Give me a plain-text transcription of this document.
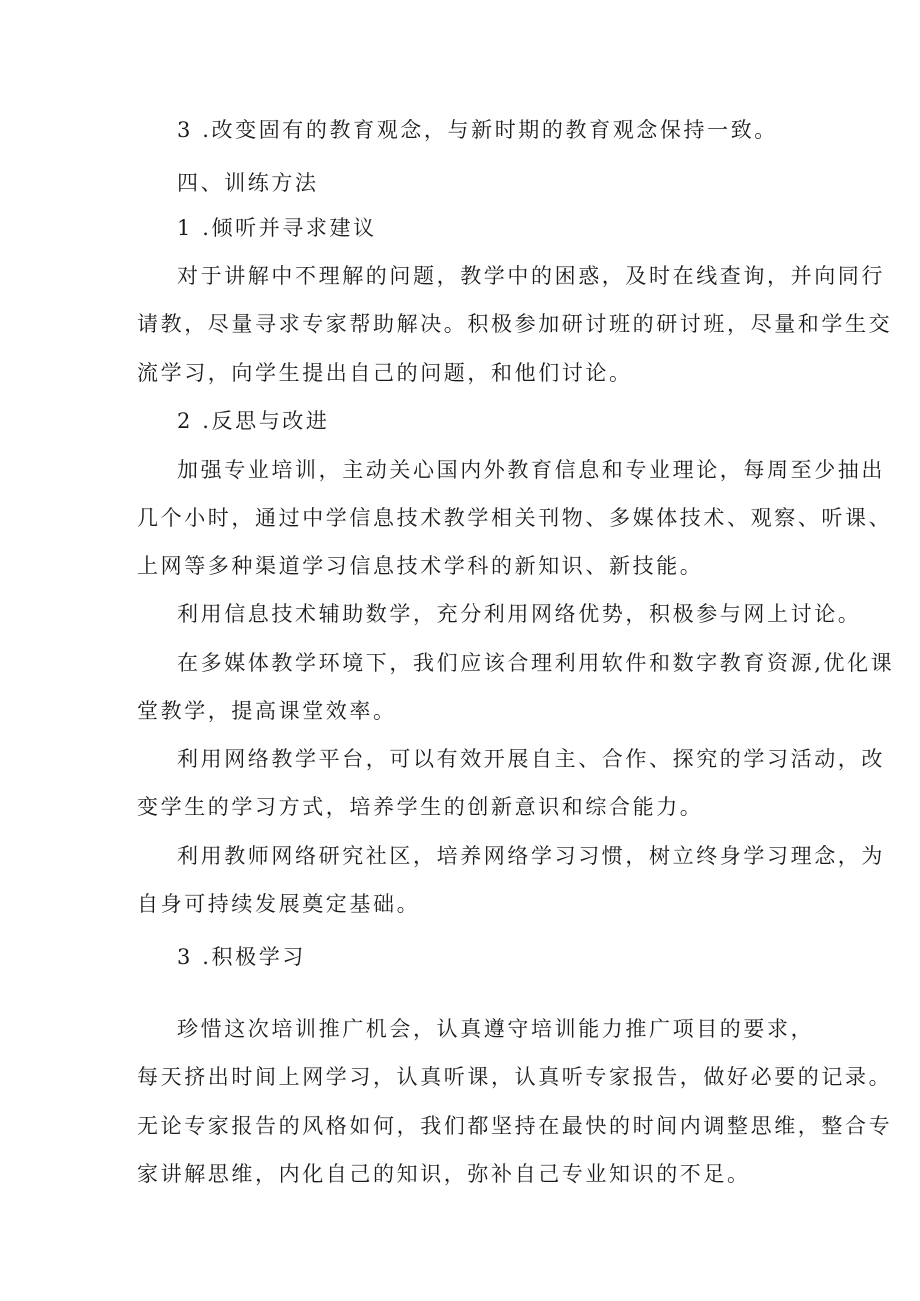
3 .改变固有的教育观念，与新时期的教育观念保持一致。
四、训练方法
1 .倾听并寻求建议
对于讲解中不理解的问题，教学中的困惑，及时在线查询，并向同行
请教，尽量寻求专家帮助解决。积极参加研讨班的研讨班，尽量和学生交
流学习，向学生提出自己的问题，和他们讨论。
2 .反思与改进
加强专业培训，主动关心国内外教育信息和专业理论，每周至少抽出
几个小时，通过中学信息技术教学相关刊物、多媒体技术、观察、听课、
上网等多种渠道学习信息技术学科的新知识、新技能。
利用信息技术辅助数学，充分利用网络优势，积极参与网上讨论。
在多媒体教学环境下，我们应该合理利用软件和数字教育资源,优化课
堂教学，提高课堂效率。
利用网络教学平台，可以有效开展自主、合作、探究的学习活动，改
变学生的学习方式，培养学生的创新意识和综合能力。
利用教师网络研究社区，培养网络学习习惯，树立终身学习理念，为
自身可持续发展奠定基础。
3 .积极学习
珍惜这次培训推广机会，认真遵守培训能力推广项目的要求，
每天挤出时间上网学习，认真听课，认真听专家报告，做好必要的记录。
无论专家报告的风格如何，我们都坚持在最快的时间内调整思维，整合专
家讲解思维，内化自己的知识，弥补自己专业知识的不足。
